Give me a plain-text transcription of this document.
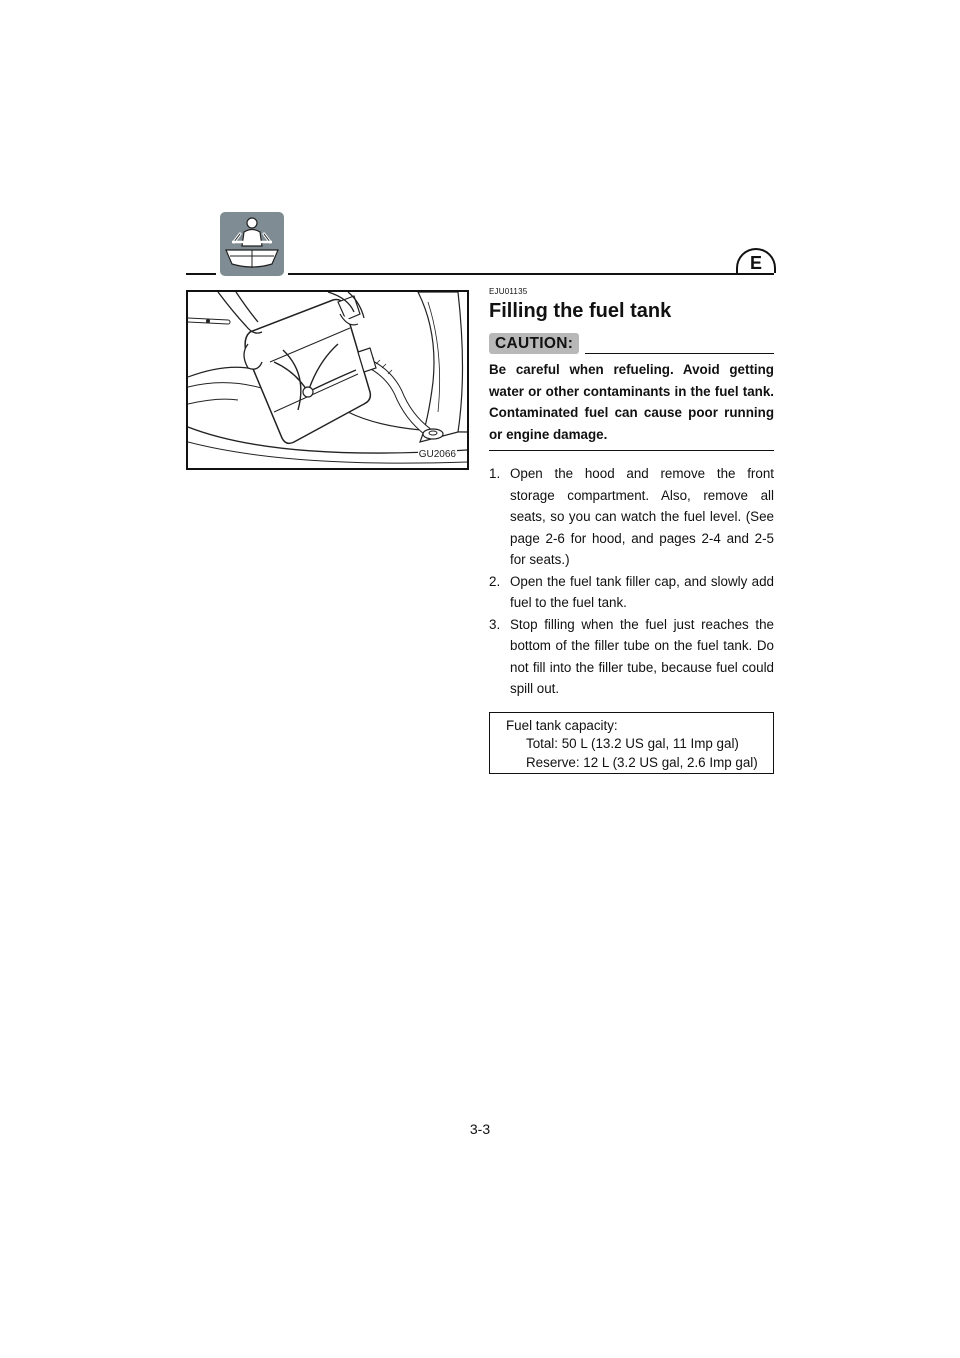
E
GU2066
EJU01135
Filling the fuel tank
CAUTION:
Be careful when refueling. Avoid getting water or other contaminants in the fuel tank. Contaminated fuel can cause poor running or engine damage.
1. Open the hood and remove the front storage compartment. Also, remove all seats, so you can watch the fuel level. (See page 2-6 for hood, and pages 2-4 and 2-5 for seats.)
2. Open the fuel tank filler cap, and slowly add fuel to the fuel tank.
3. Stop filling when the fuel just reaches the bottom of the filler tube on the fuel tank. Do not fill into the filler tube, because fuel could spill out.
Fuel tank capacity:
Total: 50 L (13.2 US gal, 11 Imp gal)
Reserve: 12 L (3.2 US gal, 2.6 Imp gal)
3-3
